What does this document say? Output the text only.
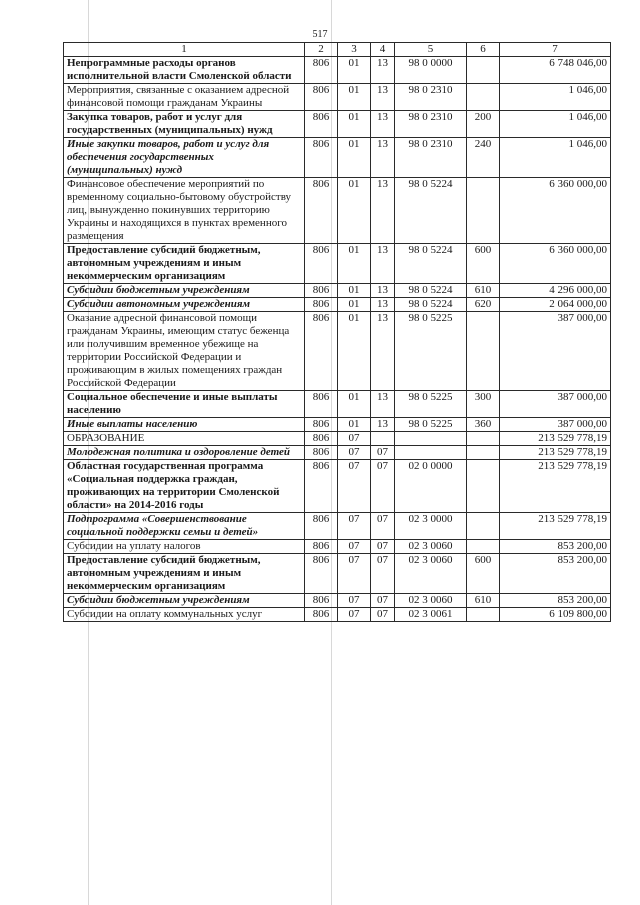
517
1	2	3	4	5	6	7
Непрограммные расходы органов исполнительной власти Смоленской области	806	01	13	98 0 0000		6 748 046,00
Мероприятия, связанные с оказанием адресной финансовой помощи гражданам Украины	806	01	13	98 0 2310		1 046,00
Закупка товаров, работ и услуг для государственных (муниципальных) нужд	806	01	13	98 0 2310	200	1 046,00
Иные закупки товаров, работ и услуг для обеспечения государственных (муниципальных) нужд	806	01	13	98 0 2310	240	1 046,00
Финансовое обеспечение мероприятий по временному социально-бытовому обустройству лиц, вынужденно покинувших территорию Украины и находящихся в пунктах временного размещения	806	01	13	98 0 5224		6 360 000,00
Предоставление субсидий бюджетным, автономным учреждениям и иным некоммерческим организациям	806	01	13	98 0 5224	600	6 360 000,00
Субсидии бюджетным учреждениям	806	01	13	98 0 5224	610	4 296 000,00
Субсидии автономным учреждениям	806	01	13	98 0 5224	620	2 064 000,00
Оказание адресной финансовой помощи гражданам Украины, имеющим статус беженца или получившим временное убежище на территории Российской Федерации и проживающим в жилых помещениях граждан Российской Федерации	806	01	13	98 0 5225		387 000,00
Социальное обеспечение и иные выплаты населению	806	01	13	98 0 5225	300	387 000,00
Иные выплаты населению	806	01	13	98 0 5225	360	387 000,00
ОБРАЗОВАНИЕ	806	07				213 529 778,19
Молодежная политика и оздоровление детей	806	07	07			213 529 778,19
Областная государственная программа «Социальная поддержка граждан, проживающих на территории Смоленской области» на 2014-2016 годы	806	07	07	02 0 0000		213 529 778,19
Подпрограмма «Совершенствование социальной поддержки семьи и детей»	806	07	07	02 3 0000		213 529 778,19
Субсидии на уплату налогов	806	07	07	02 3 0060		853 200,00
Предоставление субсидий бюджетным, автономным учреждениям и иным некоммерческим организациям	806	07	07	02 3 0060	600	853 200,00
Субсидии бюджетным учреждениям	806	07	07	02 3 0060	610	853 200,00
Субсидии на оплату коммунальных услуг	806	07	07	02 3 0061		6 109 800,00
